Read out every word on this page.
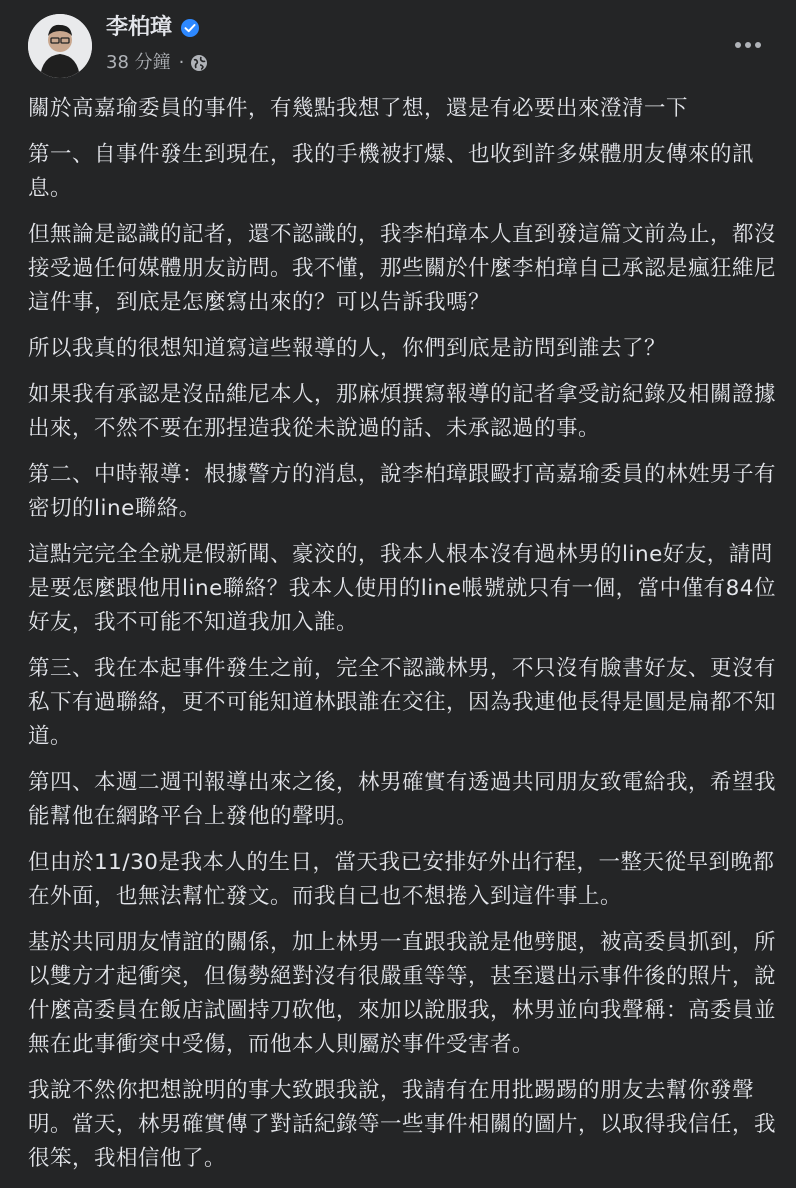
李柏璋
38 分鐘 ·

關於高嘉瑜委員的事件，有幾點我想了想，還是有必要出來澄清一下

第一、自事件發生到現在，我的手機被打爆、也收到許多媒體朋友傳來的訊息。

但無論是認識的記者，還不認識的，我李柏璋本人直到發這篇文前為止，都沒接受過任何媒體朋友訪問。我不懂，那些關於什麼李柏璋自己承認是瘋狂維尼這件事，到底是怎麼寫出來的？可以告訴我嗎？

所以我真的很想知道寫這些報導的人，你們到底是訪問到誰去了？

如果我有承認是沒品維尼本人，那麻煩撰寫報導的記者拿受訪紀錄及相關證據出來，不然不要在那捏造我從未說過的話、未承認過的事。

第二、中時報導：根據警方的消息，說李柏璋跟毆打高嘉瑜委員的林姓男子有密切的line聯絡。

這點完完全全就是假新聞、豪洨的，我本人根本沒有過林男的line好友，請問是要怎麼跟他用line聯絡？我本人使用的line帳號就只有一個，當中僅有84位好友，我不可能不知道我加入誰。

第三、我在本起事件發生之前，完全不認識林男，不只沒有臉書好友、更沒有私下有過聯絡，更不可能知道林跟誰在交往，因為我連他長得是圓是扁都不知道。

第四、本週二週刊報導出來之後，林男確實有透過共同朋友致電給我，希望我能幫他在網路平台上發他的聲明。

但由於11/30是我本人的生日，當天我已安排好外出行程，一整天從早到晚都在外面，也無法幫忙發文。而我自己也不想捲入到這件事上。

基於共同朋友情誼的關係，加上林男一直跟我說是他劈腿，被高委員抓到，所以雙方才起衝突，但傷勢絕對沒有很嚴重等等，甚至還出示事件後的照片，說什麼高委員在飯店試圖持刀砍他，來加以說服我，林男並向我聲稱：高委員並無在此事衝突中受傷，而他本人則屬於事件受害者。

我說不然你把想說明的事大致跟我說，我請有在用批踢踢的朋友去幫你發聲明。當天，林男確實傳了對話紀錄等一些事件相關的圖片，以取得我信任，我很笨，我相信他了。
